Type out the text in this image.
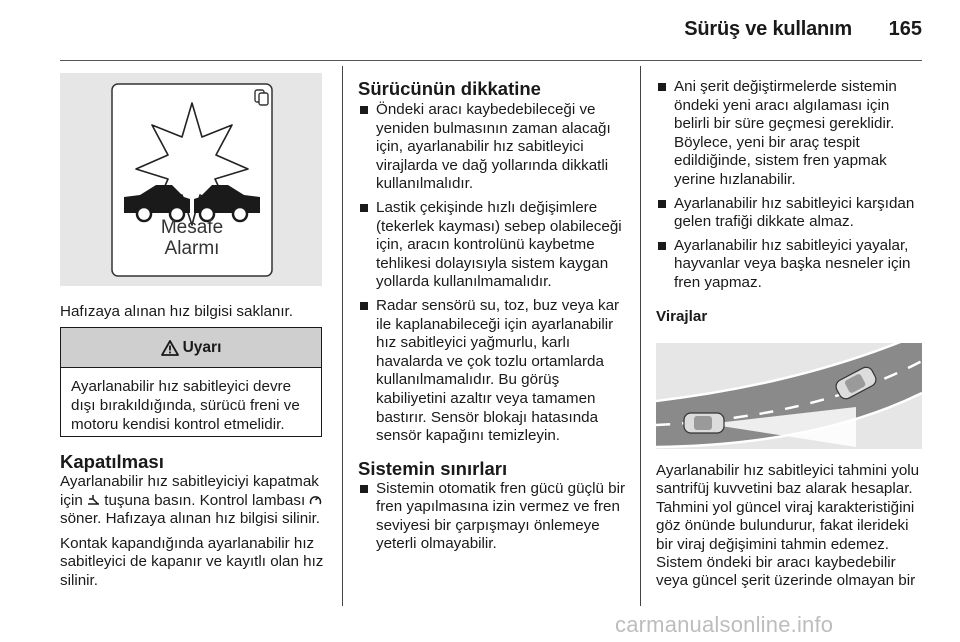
Sürüş ve kullanım	165
Mesafe
Alarmı
Hafızaya alınan hız bilgisi saklanır.
Uyarı
Ayarlanabilir hız sabitleyici devre dışı bırakıldığında, sürücü freni ve motoru kendisi kontrol etmelidir.
Kapatılması

Ayarlanabilir hız sabitleyiciyi kapatmak için tuşuna basın. Kontrol lambası  söner. Hafızaya alınan hız bilgisi silinir.

Kontak kapandığında ayarlanabilir hız sabitleyici de kapanır ve kayıtlı olan hız silinir.

Sürücünün dikkatine
Öndeki aracı kaybedebileceği ve yeniden bulmasının zaman alacağı için, ayarlanabilir hız sabitleyici virajlarda ve dağ yollarında dikkatli kullanılmalıdır.
Lastik çekişinde hızlı değişimlere (tekerlek kayması) sebep olabileceği için, aracın kontrolünü kaybetme tehlikesi dolayısıyla sistem kaygan yollarda kullanılmamalıdır.
Radar sensörü su, toz, buz veya kar ile kaplanabileceği için ayarlanabilir hız sabitleyici yağmurlu, karlı havalarda ve çok tozlu ortamlarda kullanılmamalıdır. Bu görüş kabiliyetini azaltır veya tamamen bastırır. Sensör blokajı hatasında sensör kapağını temizleyin.
Sistemin sınırları
Sistemin otomatik fren gücü güçlü bir fren yapılmasına izin vermez ve fren seviyesi bir çarpışmayı önlemeye yeterli olmayabilir.
Ani şerit değiştirmelerde sistemin öndeki yeni aracı algılaması için belirli bir süre geçmesi gereklidir. Böylece, yeni bir araç tespit edildiğinde, sistem fren yapmak yerine hızlanabilir.
Ayarlanabilir hız sabitleyici karşıdan gelen trafiği dikkate almaz.
Ayarlanabilir hız sabitleyici yayalar, hayvanlar veya başka nesneler için fren yapmaz.
Virajlar
Ayarlanabilir hız sabitleyici tahmini yolu santrifüj kuvvetini baz alarak hesaplar. Tahmini yol güncel viraj karakteristiğini göz önünde bulundurur, fakat ilerideki bir viraj değişimini tahmin edemez. Sistem öndeki bir aracı kaybedebilir veya güncel şerit üzerinde olmayan bir
carmanualsonline.info
